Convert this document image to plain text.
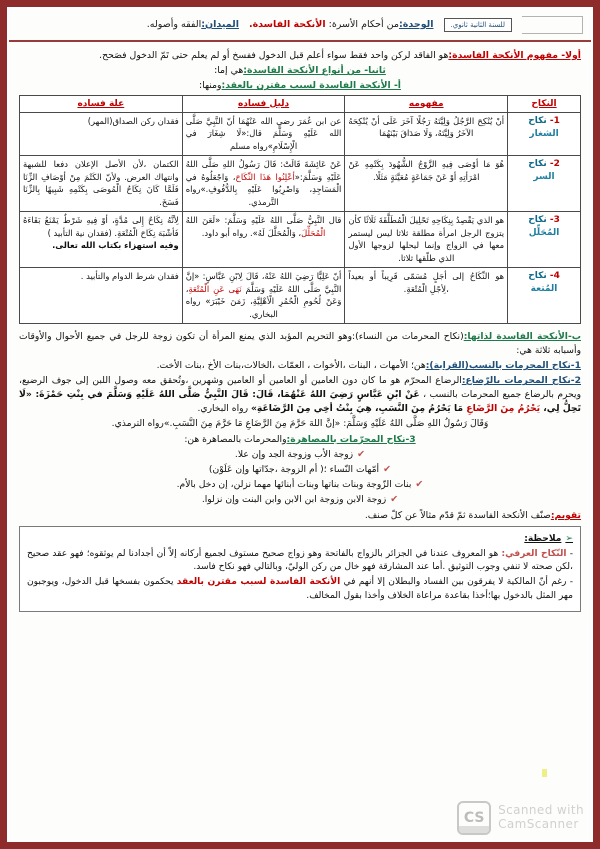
للسنة الثانية ثانوي.
الوحدة:من أحكام الأسرة: الأنكحة الفاسدة.
الميدان:الفقه وأصوله.

أولا- مفهوم الأنكحة الفاسدة:هو الفاقد لركن واحد فقط سواء أعلم قبل الدخول ففسخ أو لم يعلم حتى تَمّ الدخول فصَحح.

ثانيا- من أنواع الأنكحة الفاسدة:هي إما:

أ- الأنكحة الفاسدة لسبب مقترن بالعقد:ومنها:

النكاح	مفهومه	دليل فساده	علة فساده
1- نكاح
الشغار	أنْ يُنْكِحَ الرَّجُلُ وَلِيَّتَهُ رَجُلًا آخَرَ عَلَى أنْ يُنْكِحَهُ الآخَرُ وَلِيَّتَهُ، وَلَا صَدَاقَ بَيْنَهُمَا	عن ابن عُمَرَ رضي الله عَنْهُمَا أنّ النَّبِيَّ صَلَّى الله عَلَيْهِ وَسَلَّمَ قال:«لَا شِغَارَ في الْإِسْلَامِ»رواه مسلم	فقدان ركن الصداق(المهر)
2- نكاح
السر	هُوَ مَا أوْصَى فِيهِ الزَّوْجُ الشُّهُودَ بِكَتْمِهِ عَنْ امْرَأتِهِ أوْ عَنْ جَمَاعَةٍ مُعَيَّنَةٍ مَثَلًا.	عَنْ عَائِشَةَ قَالَتْ: قَالَ رَسُولُ اللهِ صَلَّى اللهُ عَلَيْهِ وَسَلَّمَ:«أعْلِنُوا هَذَا النِّكَاحَ، وَاجْعَلُوهُ في الْمَسَاجِدِ، وَاضْرِبُوا عَلَيْهِ بِالدُّفُوفِ.»رواه التَّرمذي.	الكتمان ،لأن الأصل الإعلان دفعا للشبهة وانتهاك العرض. ولأنّ الكَتْمَ مِنْ أوْصَافِ الزِّنَا فَلَمَّا كَانَ نِكَاحُ الْمُوصَى بِكَتْمِهِ شَبِيهًا بِالزِّنَا فَسَخَ.
3- نكاح
المُحَلِّل	هو الذي يَقْصِدُ بِنِكَاحِهِ تَحْلِيلَ الْمُطَلَّقَةَ ثَلَاثًا كأن يتزوج الرجل امرأة مطلقة ثلاثا ليس ليستمر معها في الزواج وإنما ليحلها لزوجها الأول الذي طلّقها ثلاثا.	قال النَّبِيُّ صَلَّى اللهُ عَلَيْهِ وَسَلَّمَ: «لَعَنَ اللهُ الْمُحَلِّلَ، وَالْمُحَلَّلَ لَهُ». رواه أبو داود.	لِأنَّهُ نِكَاحٌ إِلى مُدَّةٍ، أوْ فِيهِ شَرْطٌ يَمْنَعُ بَقَاءَهُ فَأشْبَهَ نِكَاحَ الْمُتْعَةِ. (فقدان نية التأبيد )
وفيه استهزاء بكتاب الله تعالى.

4- نكاح
المُتعة	هو النِّكَاحُ إلى أجَلٍ مُسَمّى قَرِيباً أو بعيداً ،لِأجْلِ الْمُتْعَةِ.	أنّ عَلِيًّا رَضِيَ اللهُ عَنْهُ، قَالَ لِابْنِ عَبَّاسٍ: «إنَّ النَّبِيَّ صَلَّى اللهُ عَلَيْهِ وَسَلَّمَ نَهَى عَنِ الْمُتْعَةِ، وَعَنْ لُحُومِ الْحُمُرِ الْأهْلِيَّةِ، زَمَنَ خَيْبَرَ» رواه البخاري.	فقدان شرط الدوام والتأبيد .

ب-الأنكحة الفاسدة لذاتها:(نكاح المحرمات من النساء):وهو التحريم المؤبد الذي يمنع المرأة أن تكون زوجة للرجل في جميع الأحوال والأوقات وأسبابه ثلاثة هي:

1-نكاح المحرمات بالنسب(القرابة):هن؛ الأمهات ، البنات ،الأخوات ، العمّات ،الخالات،بنات الأخ ،بنات الأخت.

2-نكاح المحرمات بالرّضاع:الرضاع المحرّم هو ما كان دون العامين أو العامين أو العامين وشهرين ،وتُحقق معه وصول اللبن إلى جوف الرضيع، ويحرم بالرضاع جميع المحرمات بالنسب ، عَنْ ابْنِ عَبَّاسٍ رَضِيَ اللهُ عَنْهُمَا، قَالَ: قَالَ النَّبِيُّ صَلَّى اللهُ عَلَيْهِ وَسَلَّمَ في بِنْتِ حَمْزَةَ: «لَا تَحِلُّ لِي، يَحْرُمُ مِنَ الرَّضَاعِ مَا يَحْرُمُ مِنَ النَّسَبِ، هِيَ بِنْتُ أخِي مِنَ الرَّضَاعَةِ» رواه البخاري.

وَقَالَ رَسُولُ اللهِ صَلَّى اللهُ عَلَيْهِ وَسَلَّمَ: «إنَّ اللهَ حَرَّمَ مِنَ الرَّضَاعِ مَا حَرَّمَ مِنَ النَّسَبِ.»رواه الترمذي.

3-نكاح المحرّمات بالمصاهرة:والمحرمات بالمصاهرة هن:

✔زوجة الأب وزوجة الجد وإن علا.
✔أمّهات النّساء ؛( أم الزوجة ،جدّاتها وإن عَلَوْن)
✔بنات الزّوجة وبنات بناتها وبنات أبنائها مهما نزلن، إن دخل بالأم.
✔زوجة الابن وزوجة ابن الابن وابن البنت وإن نزلوا.

تقويم:صنّف الأنكحة الفاسدة ثمّ قدّم مثالاً عن كلّ صنف.

➢ملاحظة:

- النّكاح العرفي: هو المعروف عندنا في الجزائر بالزواج بالفاتحة وهو زواج صحيح مستوف لجميع أركانه إلاّ أن أجدادنا لم يوثقوه؛ فهو عقد صحيح ،لكن صحته لا تنفي وجوب التوثيق .أما عند المشارقة فهو خال من ركن الوليّ، وبالتالي فهو نكاح فاسد.

- رغم أنّ المالكية لا يفرقون بين الفساد والبطلان إلا أنهم في الأنكحة الفاسدة لسبب مقترن بالعقد يحكمون بفسخها قبل الدخول، ويوجبون مهر المثل بالدخول بها؛أخذا بقاعدة مراعاة الخلاف وأخذا بقول المخالف.

CS Scanned with
CamScanner
